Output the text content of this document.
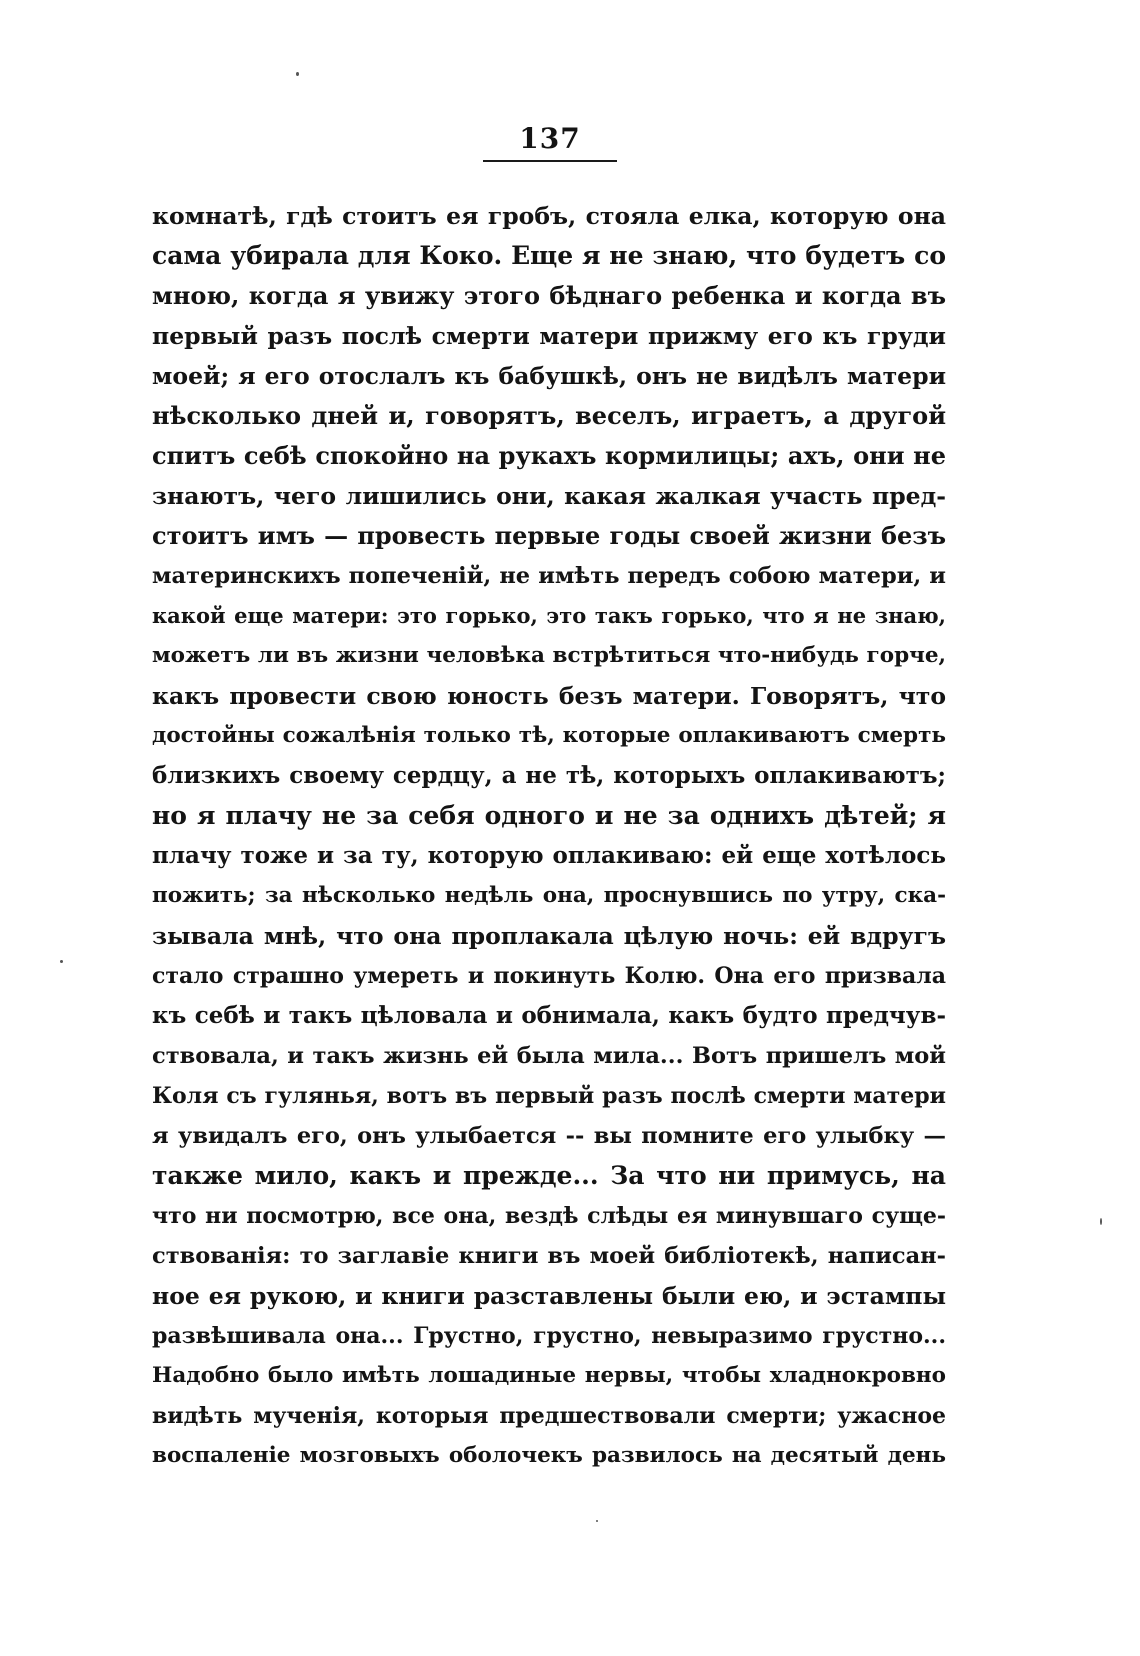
137
комнатѣ, гдѣ стоитъ ея гробъ, стояла елка, которую она
сама убирала для Коко. Еще я не знаю, что будетъ со
мною, когда я увижу этого бѣднаго ребенка и когда въ
первый разъ послѣ смерти матери прижму его къ груди
моей; я его отослалъ къ бабушкѣ, онъ не видѣлъ матери
нѣсколько дней и, говорятъ, веселъ, играетъ, а другой
спитъ себѣ спокойно на рукахъ кормилицы; ахъ, они не
знаютъ, чего лишились они, какая жалкая участь пред-
стоитъ имъ — провесть первые годы своей жизни безъ
материнскихъ попеченій, не имѣть передъ собою матери, и
какой еще матери: это горько, это такъ горько, что я не знаю,
можетъ ли въ жизни человѣка встрѣтиться что-нибудь горче,
какъ провести свою юность безъ матери. Говорятъ, что
достойны сожалѣнія только тѣ, которые оплакиваютъ смерть
близкихъ своему сердцу, а не тѣ, которыхъ оплакиваютъ;
но я плачу не за себя одного и не за однихъ дѣтей; я
плачу тоже и за ту, которую оплакиваю: ей еще хотѣлось
пожить; за нѣсколько недѣль она, проснувшись по утру, ска-
зывала мнѣ, что она проплакала цѣлую ночь: ей вдругъ
стало страшно умереть и покинуть Колю. Она его призвала
къ себѣ и такъ цѣловала и обнимала, какъ будто предчув-
ствовала, и такъ жизнь ей была мила... Вотъ пришелъ мой
Коля съ гулянья, вотъ въ первый разъ послѣ смерти матери
я увидалъ его, онъ улыбается -- вы помните его улыбку —
также мило, какъ и прежде... За что ни примусь, на
что ни посмотрю, все она, вездѣ слѣды ея минувшаго суще-
ствованія: то заглавіе книги въ моей библіотекѣ, написан-
ное ея рукою, и книги разставлены были ею, и эстампы
развѣшивала она... Грустно, грустно, невыразимо грустно...
Надобно было имѣть лошадиные нервы, чтобы хладнокровно
видѣть мученія, которыя предшествовали смерти; ужасное
воспаленіе мозговыхъ оболочекъ развилось на десятый день
